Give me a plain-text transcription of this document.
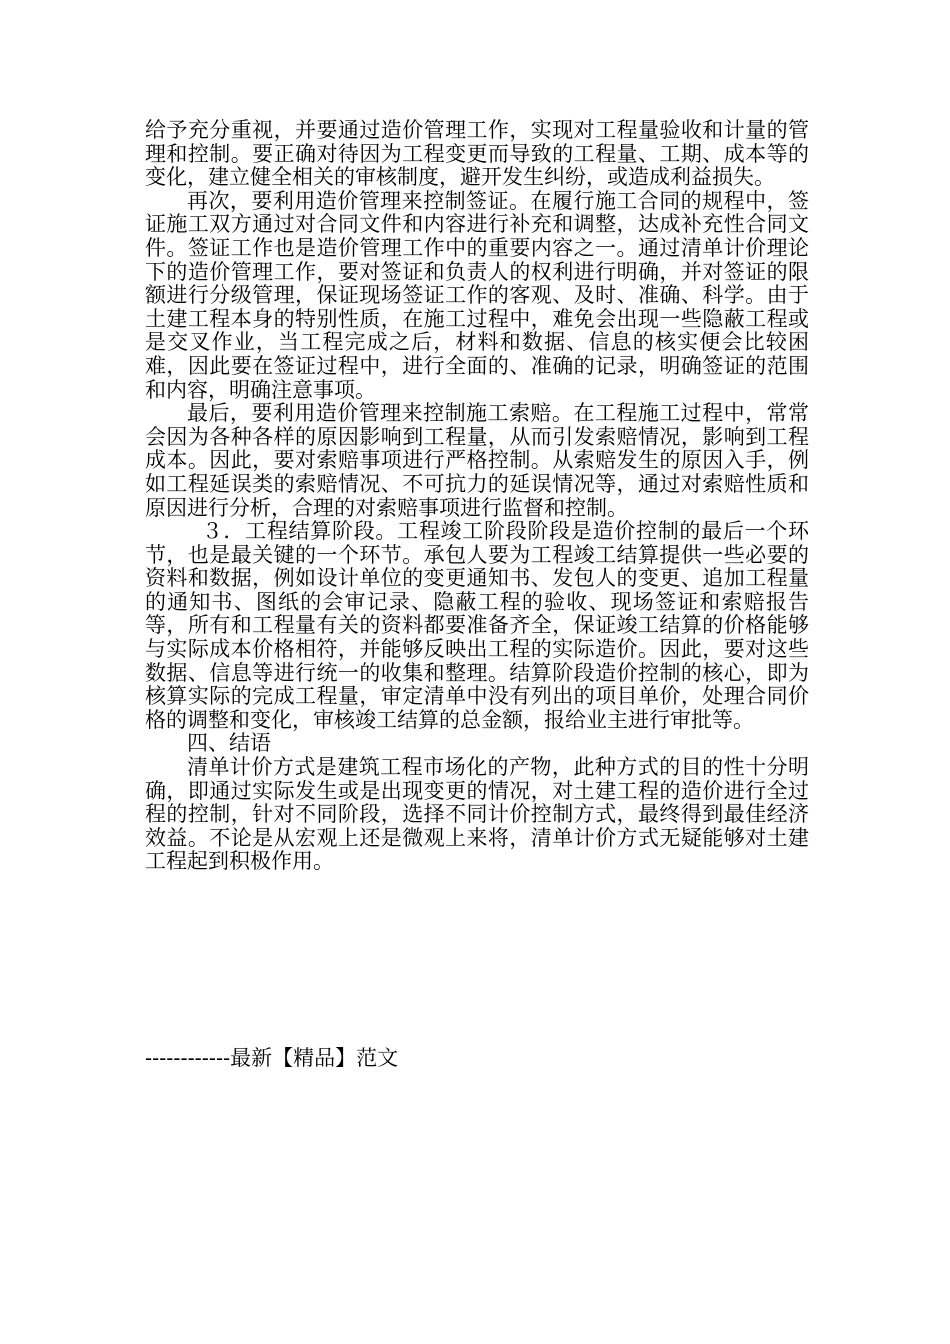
给予充分重视，并要通过造价管理工作，实现对工程量验收和计量的管理和控制。要正确对待因为工程变更而导致的工程量、工期、成本等的变化，建立健全相关的审核制度，避开发生纠纷，或造成利益损失。

再次，要利用造价管理来控制签证。在履行施工合同的规程中，签证施工双方通过对合同文件和内容进行补充和调整，达成补充性合同文件。签证工作也是造价管理工作中的重要内容之一。通过清单计价理论下的造价管理工作，要对签证和负责人的权利进行明确，并对签证的限额进行分级管理，保证现场签证工作的客观、及时、准确、科学。由于土建工程本身的特别性质，在施工过程中，难免会出现一些隐蔽工程或是交叉作业，当工程完成之后，材料和数据、信息的核实便会比较困难，因此要在签证过程中，进行全面的、准确的记录，明确签证的范围和内容，明确注意事项。

最后，要利用造价管理来控制施工索赔。在工程施工过程中，常常会因为各种各样的原因影响到工程量，从而引发索赔情况，影响到工程成本。因此，要对索赔事项进行严格控制。从索赔发生的原因入手，例如工程延误类的索赔情况、不可抗力的延误情况等，通过对索赔性质和原因进行分析，合理的对索赔事项进行监督和控制。

３．工程结算阶段。工程竣工阶段阶段是造价控制的最后一个环节，也是最关键的一个环节。承包人要为工程竣工结算提供一些必要的资料和数据，例如设计单位的变更通知书、发包人的变更、追加工程量的通知书、图纸的会审记录、隐蔽工程的验收、现场签证和索赔报告等，所有和工程量有关的资料都要准备齐全，保证竣工结算的价格能够与实际成本价格相符，并能够反映出工程的实际造价。因此，要对这些数据、信息等进行统一的收集和整理。结算阶段造价控制的核心，即为核算实际的完成工程量，审定清单中没有列出的项目单价，处理合同价格的调整和变化，审核竣工结算的总金额，报给业主进行审批等。

四、结语

清单计价方式是建筑工程市场化的产物，此种方式的目的性十分明确，即通过实际发生或是出现变更的情况，对土建工程的造价进行全过程的控制，针对不同阶段，选择不同计价控制方式，最终得到最佳经济效益。不论是从宏观上还是微观上来将，清单计价方式无疑能够对土建工程起到积极作用。

------------最新【精品】范文
